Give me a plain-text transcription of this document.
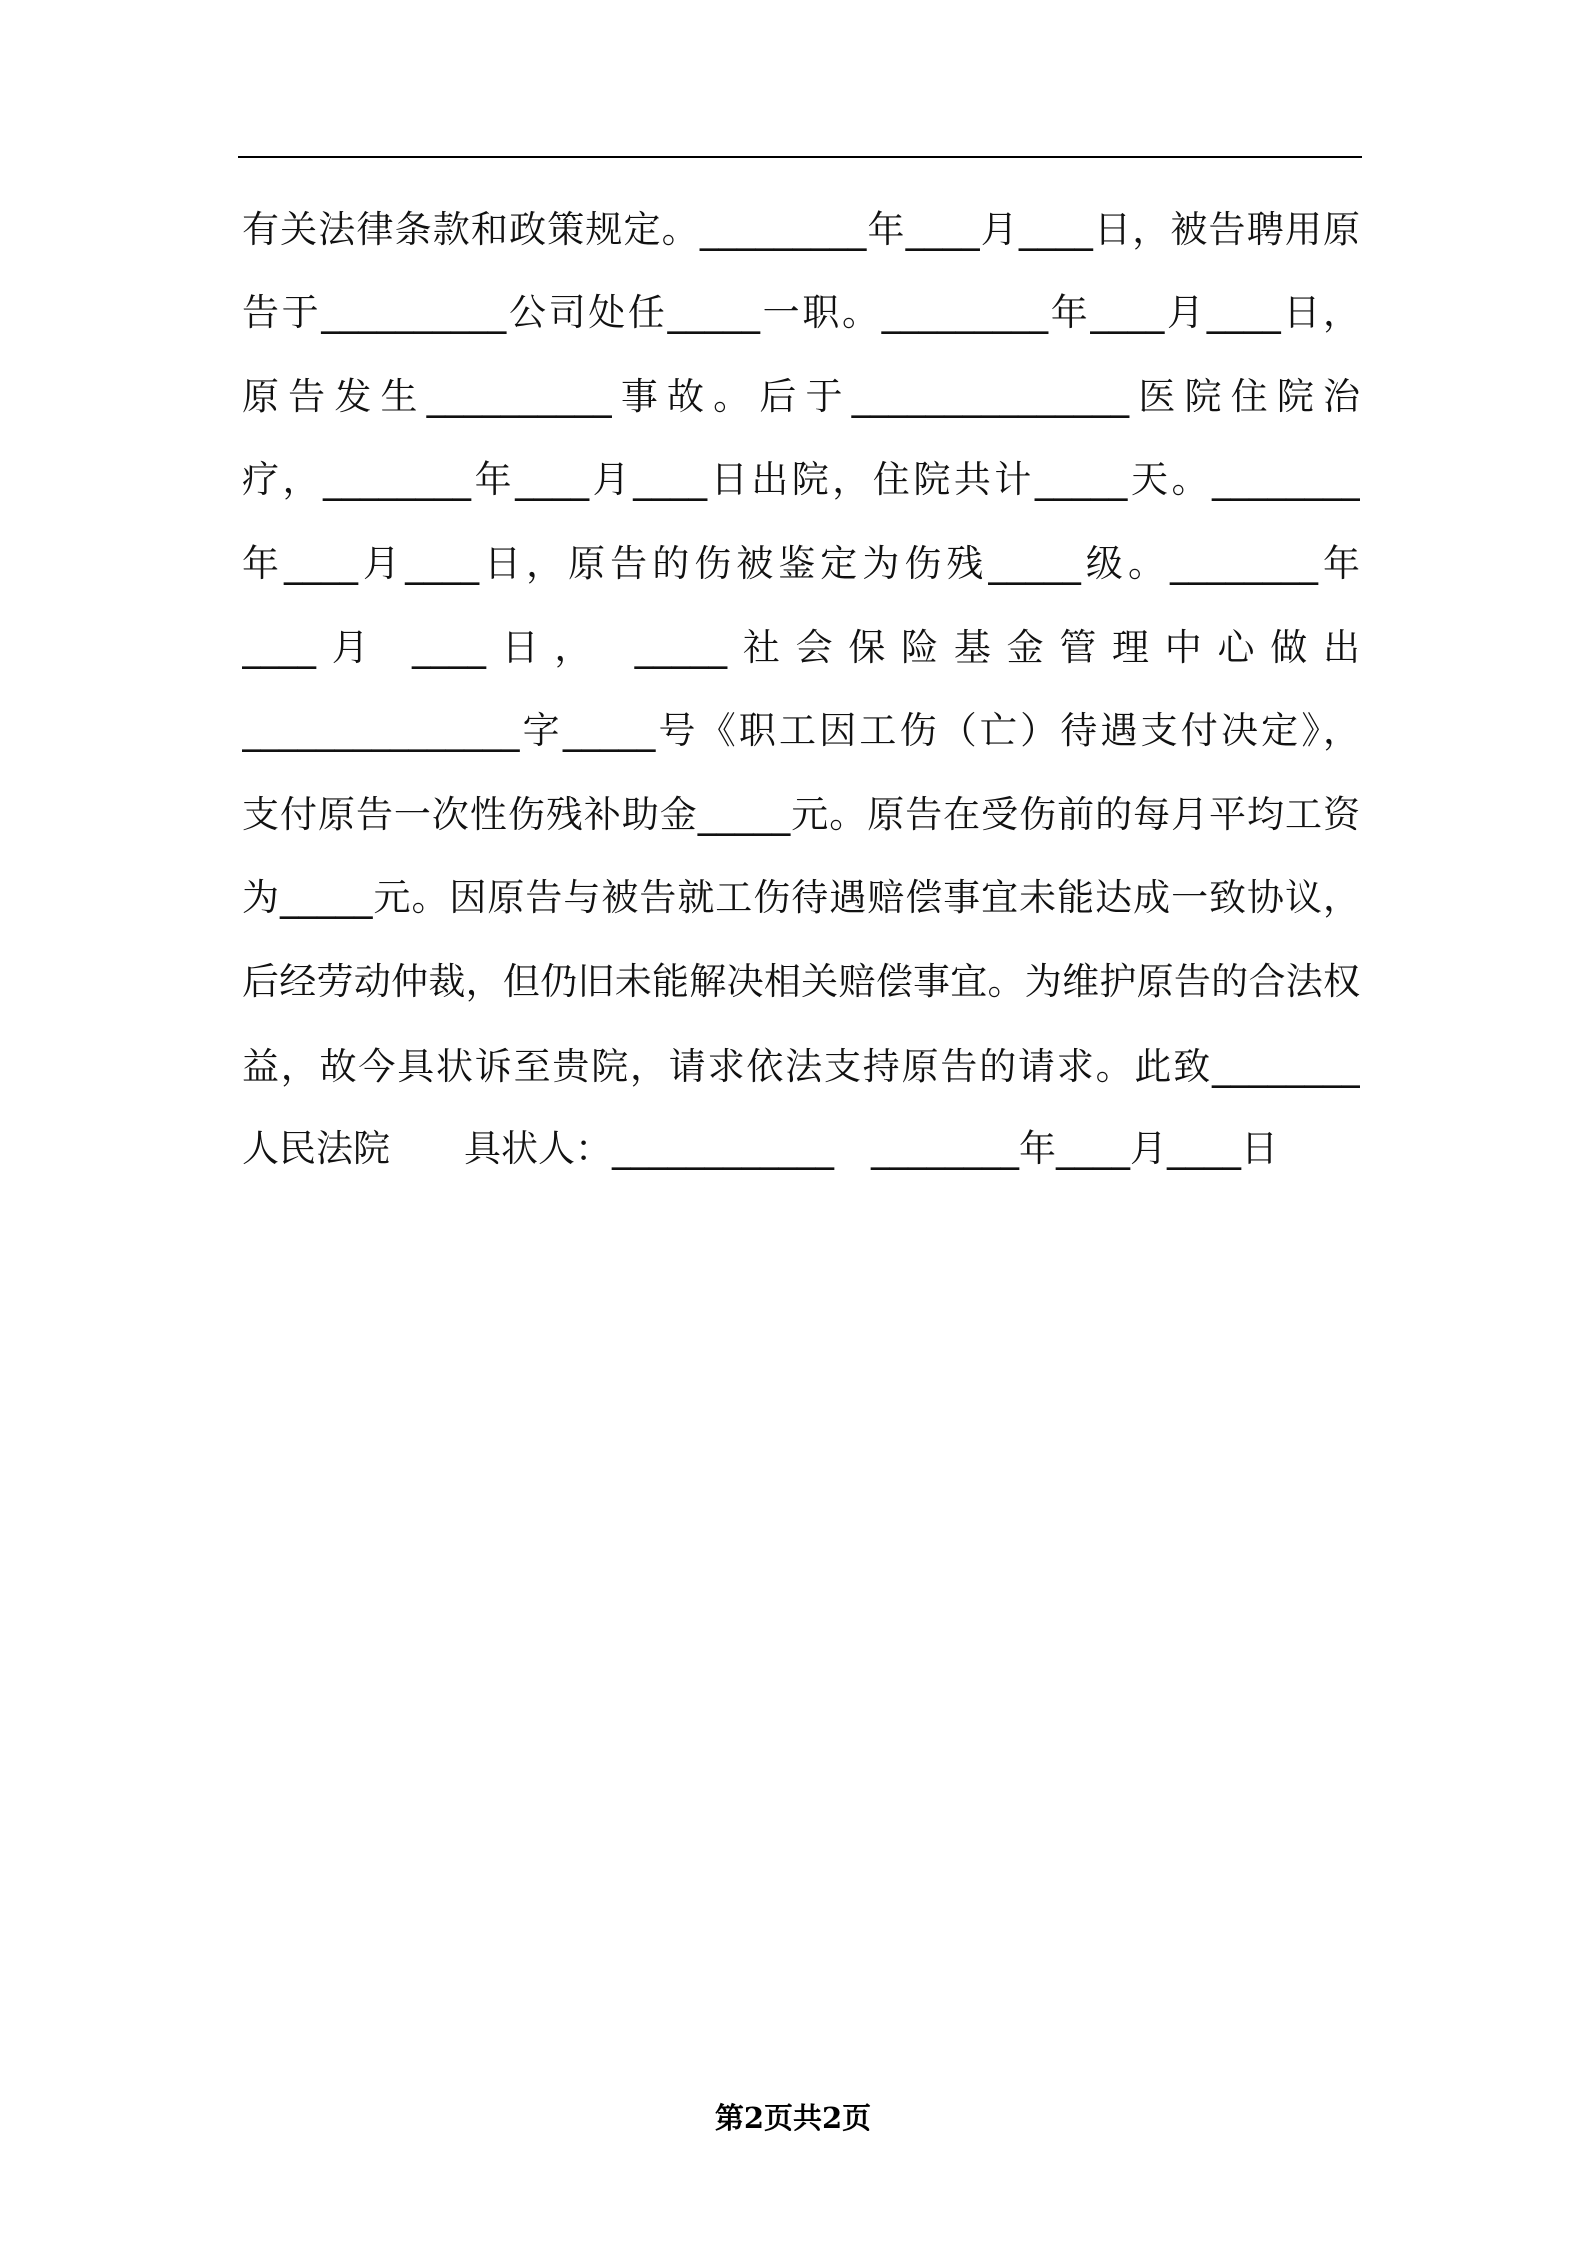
有关法律条款和政策规定。_________年____月____日，被告聘用原
告于__________公司处任_____一职。_________年____月____日，
原告发生__________事故。后于_______________医院住院治
疗，________年____月____日出院，住院共计_____天。________
年____月____日，原告的伤被鉴定为伤残_____级。________年
____月 ____日， _____社会保险基金管理中心做出
_______________字_____号《职工因工伤（亡）待遇支付决定》，
支付原告一次性伤残补助金_____元。原告在受伤前的每月平均工资
为_____元。因原告与被告就工伤待遇赔偿事宜未能达成一致协议，
后经劳动仲裁，但仍旧未能解决相关赔偿事宜。为维护原告的合法权
益，故今具状诉至贵院，请求依法支持原告的请求。此致________
人民法院　　具状人：____________　________年____月____日
第2页共2页
